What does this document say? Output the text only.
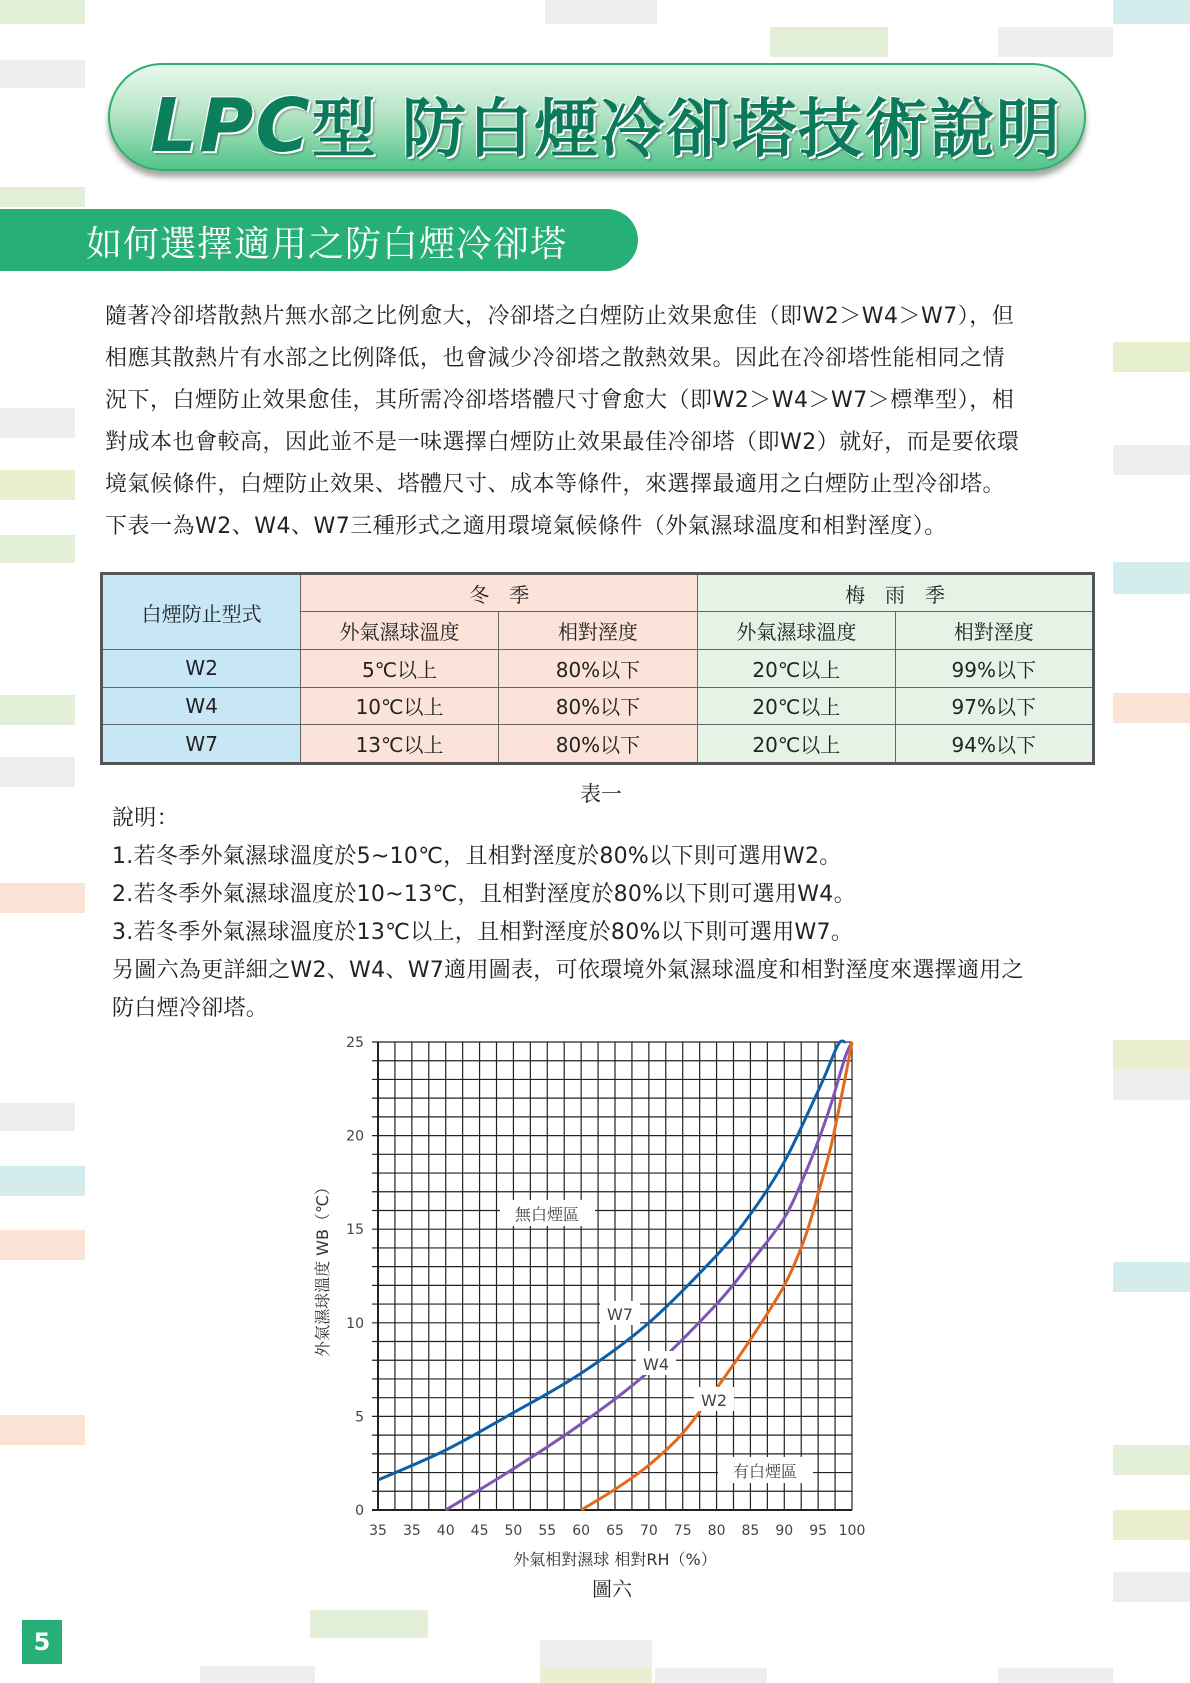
LPC型 防白煙冷卻塔技術說明
如何選擇適用之防白煙冷卻塔

隨著冷卻塔散熱片無水部之比例愈大，冷卻塔之白煙防止效果愈佳（即W2＞W4＞W7），但

相應其散熱片有水部之比例降低，也會減少冷卻塔之散熱效果。因此在冷卻塔性能相同之情

況下，白煙防止效果愈佳，其所需冷卻塔塔體尺寸會愈大（即W2＞W4＞W7＞標準型），相

對成本也會較高，因此並不是一味選擇白煙防止效果最佳冷卻塔（即W2）就好，而是要依環

境氣候條件，白煙防止效果、塔體尺寸、成本等條件，來選擇最適用之白煙防止型冷卻塔。

下表一為W2、W4、W7三種形式之適用環境氣候條件（外氣濕球溫度和相對溼度）。

白煙防止型式	冬　季		梅　雨　季	
	外氣濕球溫度	相對溼度	外氣濕球溫度	相對溼度
W2	5℃以上	80%以下	20℃以上	99%以下
W4	10℃以上	80%以下	20℃以上	97%以下
W7	13℃以上	80%以下	20℃以上	94%以下
表一

說明：

1.若冬季外氣濕球溫度於5~10℃，且相對溼度於80%以下則可選用W2。

2.若冬季外氣濕球溫度於10~13℃，且相對溼度於80%以下則可選用W4。

3.若冬季外氣濕球溫度於13℃以上，且相對溼度於80%以下則可選用W7。

另圖六為更詳細之W2、W4、W7適用圖表，可依環境外氣濕球溫度和相對溼度來選擇適用之

防白煙冷卻塔。

0
5
10
15
20
25
35 35 40 45 50 55 60 65 70 75 80 85 90 95 100
無白煙區
有白煙區
W7
W4
W2
外氣相對濕球 相對RH（%）
外氣濕球溫度 WB（℃）
圖六
5
